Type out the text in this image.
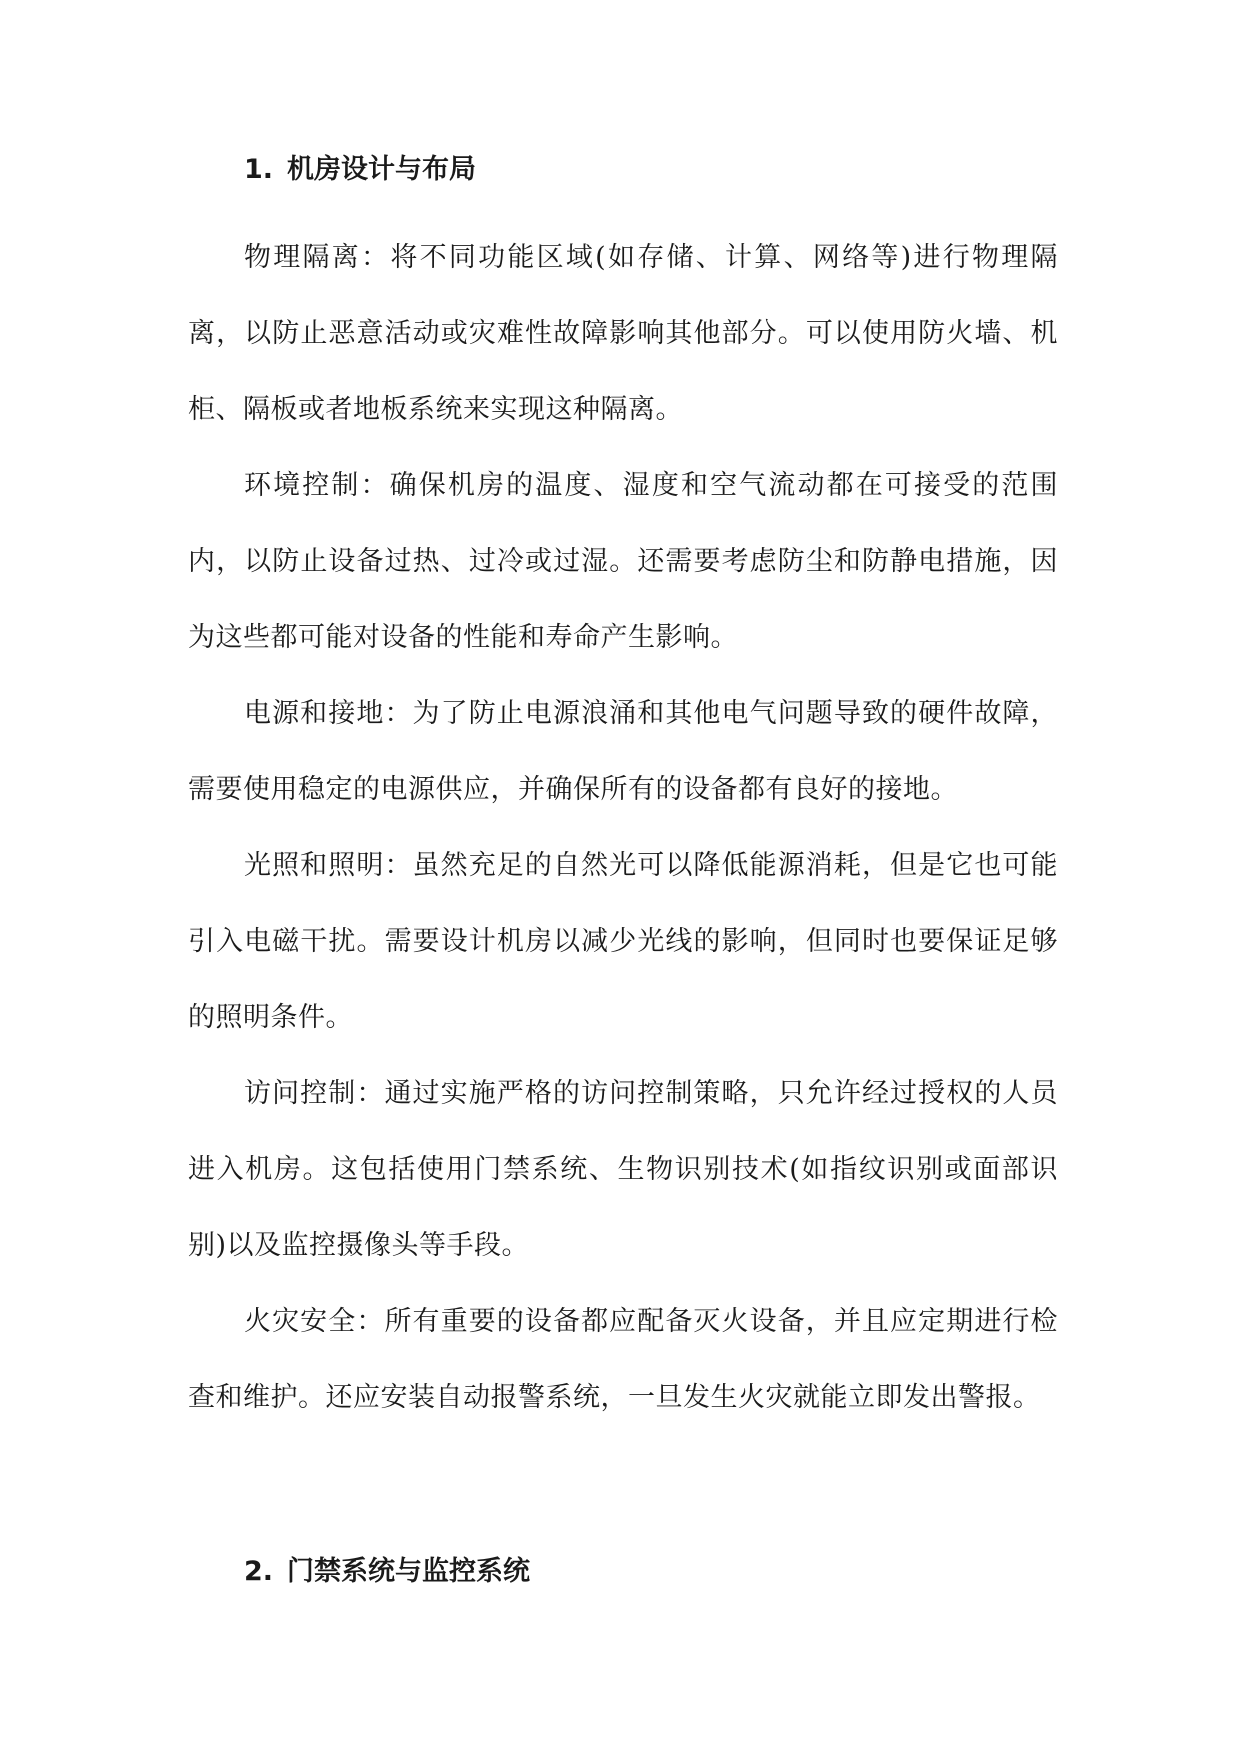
1. 机房设计与布局

物理隔离：将不同功能区域(如存储、计算、网络等)进行物理隔离，以防止恶意活动或灾难性故障影响其他部分。可以使用防火墙、机柜、隔板或者地板系统来实现这种隔离。

环境控制：确保机房的温度、湿度和空气流动都在可接受的范围内，以防止设备过热、过冷或过湿。还需要考虑防尘和防静电措施，因为这些都可能对设备的性能和寿命产生影响。

电源和接地：为了防止电源浪涌和其他电气问题导致的硬件故障，需要使用稳定的电源供应，并确保所有的设备都有良好的接地。

光照和照明：虽然充足的自然光可以降低能源消耗，但是它也可能引入电磁干扰。需要设计机房以减少光线的影响，但同时也要保证足够的照明条件。

访问控制：通过实施严格的访问控制策略，只允许经过授权的人员进入机房。这包括使用门禁系统、生物识别技术(如指纹识别或面部识别)以及监控摄像头等手段。

火灾安全：所有重要的设备都应配备灭火设备，并且应定期进行检查和维护。还应安装自动报警系统，一旦发生火灾就能立即发出警报。

2. 门禁系统与监控系统
